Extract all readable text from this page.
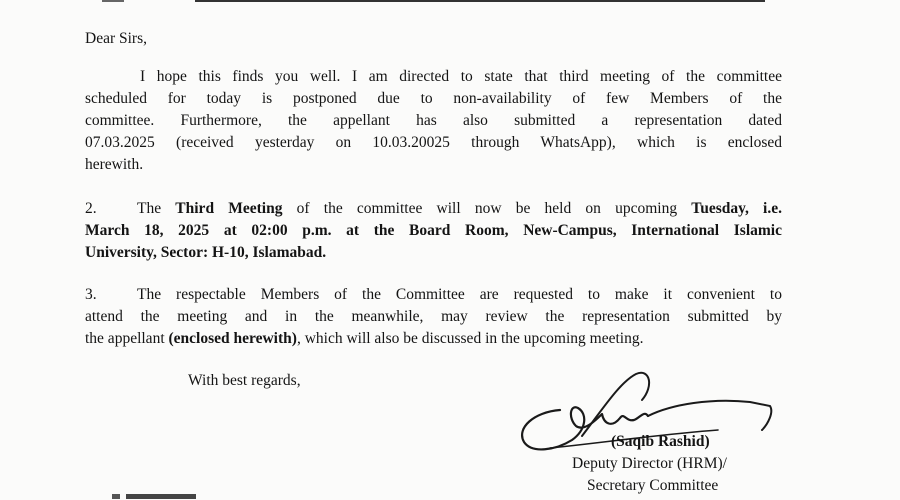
Dear Sirs,
I hope this finds you well. I am directed to state that third meeting of the committee
scheduled for today is postponed due to non-availability of few Members of the
committee. Furthermore, the appellant has also submitted a representation dated
07.03.2025 (received yesterday on 10.03.20025 through WhatsApp), which is enclosed
herewith.
2.	The Third Meeting of the committee will now be held on upcoming Tuesday, i.e.
March 18, 2025 at 02:00 p.m. at the Board Room, New-Campus, International Islamic
University, Sector: H-10, Islamabad.
3.	The respectable Members of the Committee are requested to make it convenient to
attend the meeting and in the meanwhile, may review the representation submitted by
the appellant (enclosed herewith), which will also be discussed in the upcoming meeting.
With best regards,
(Saqib Rashid)
Deputy Director (HRM)/
Secretary Committee
